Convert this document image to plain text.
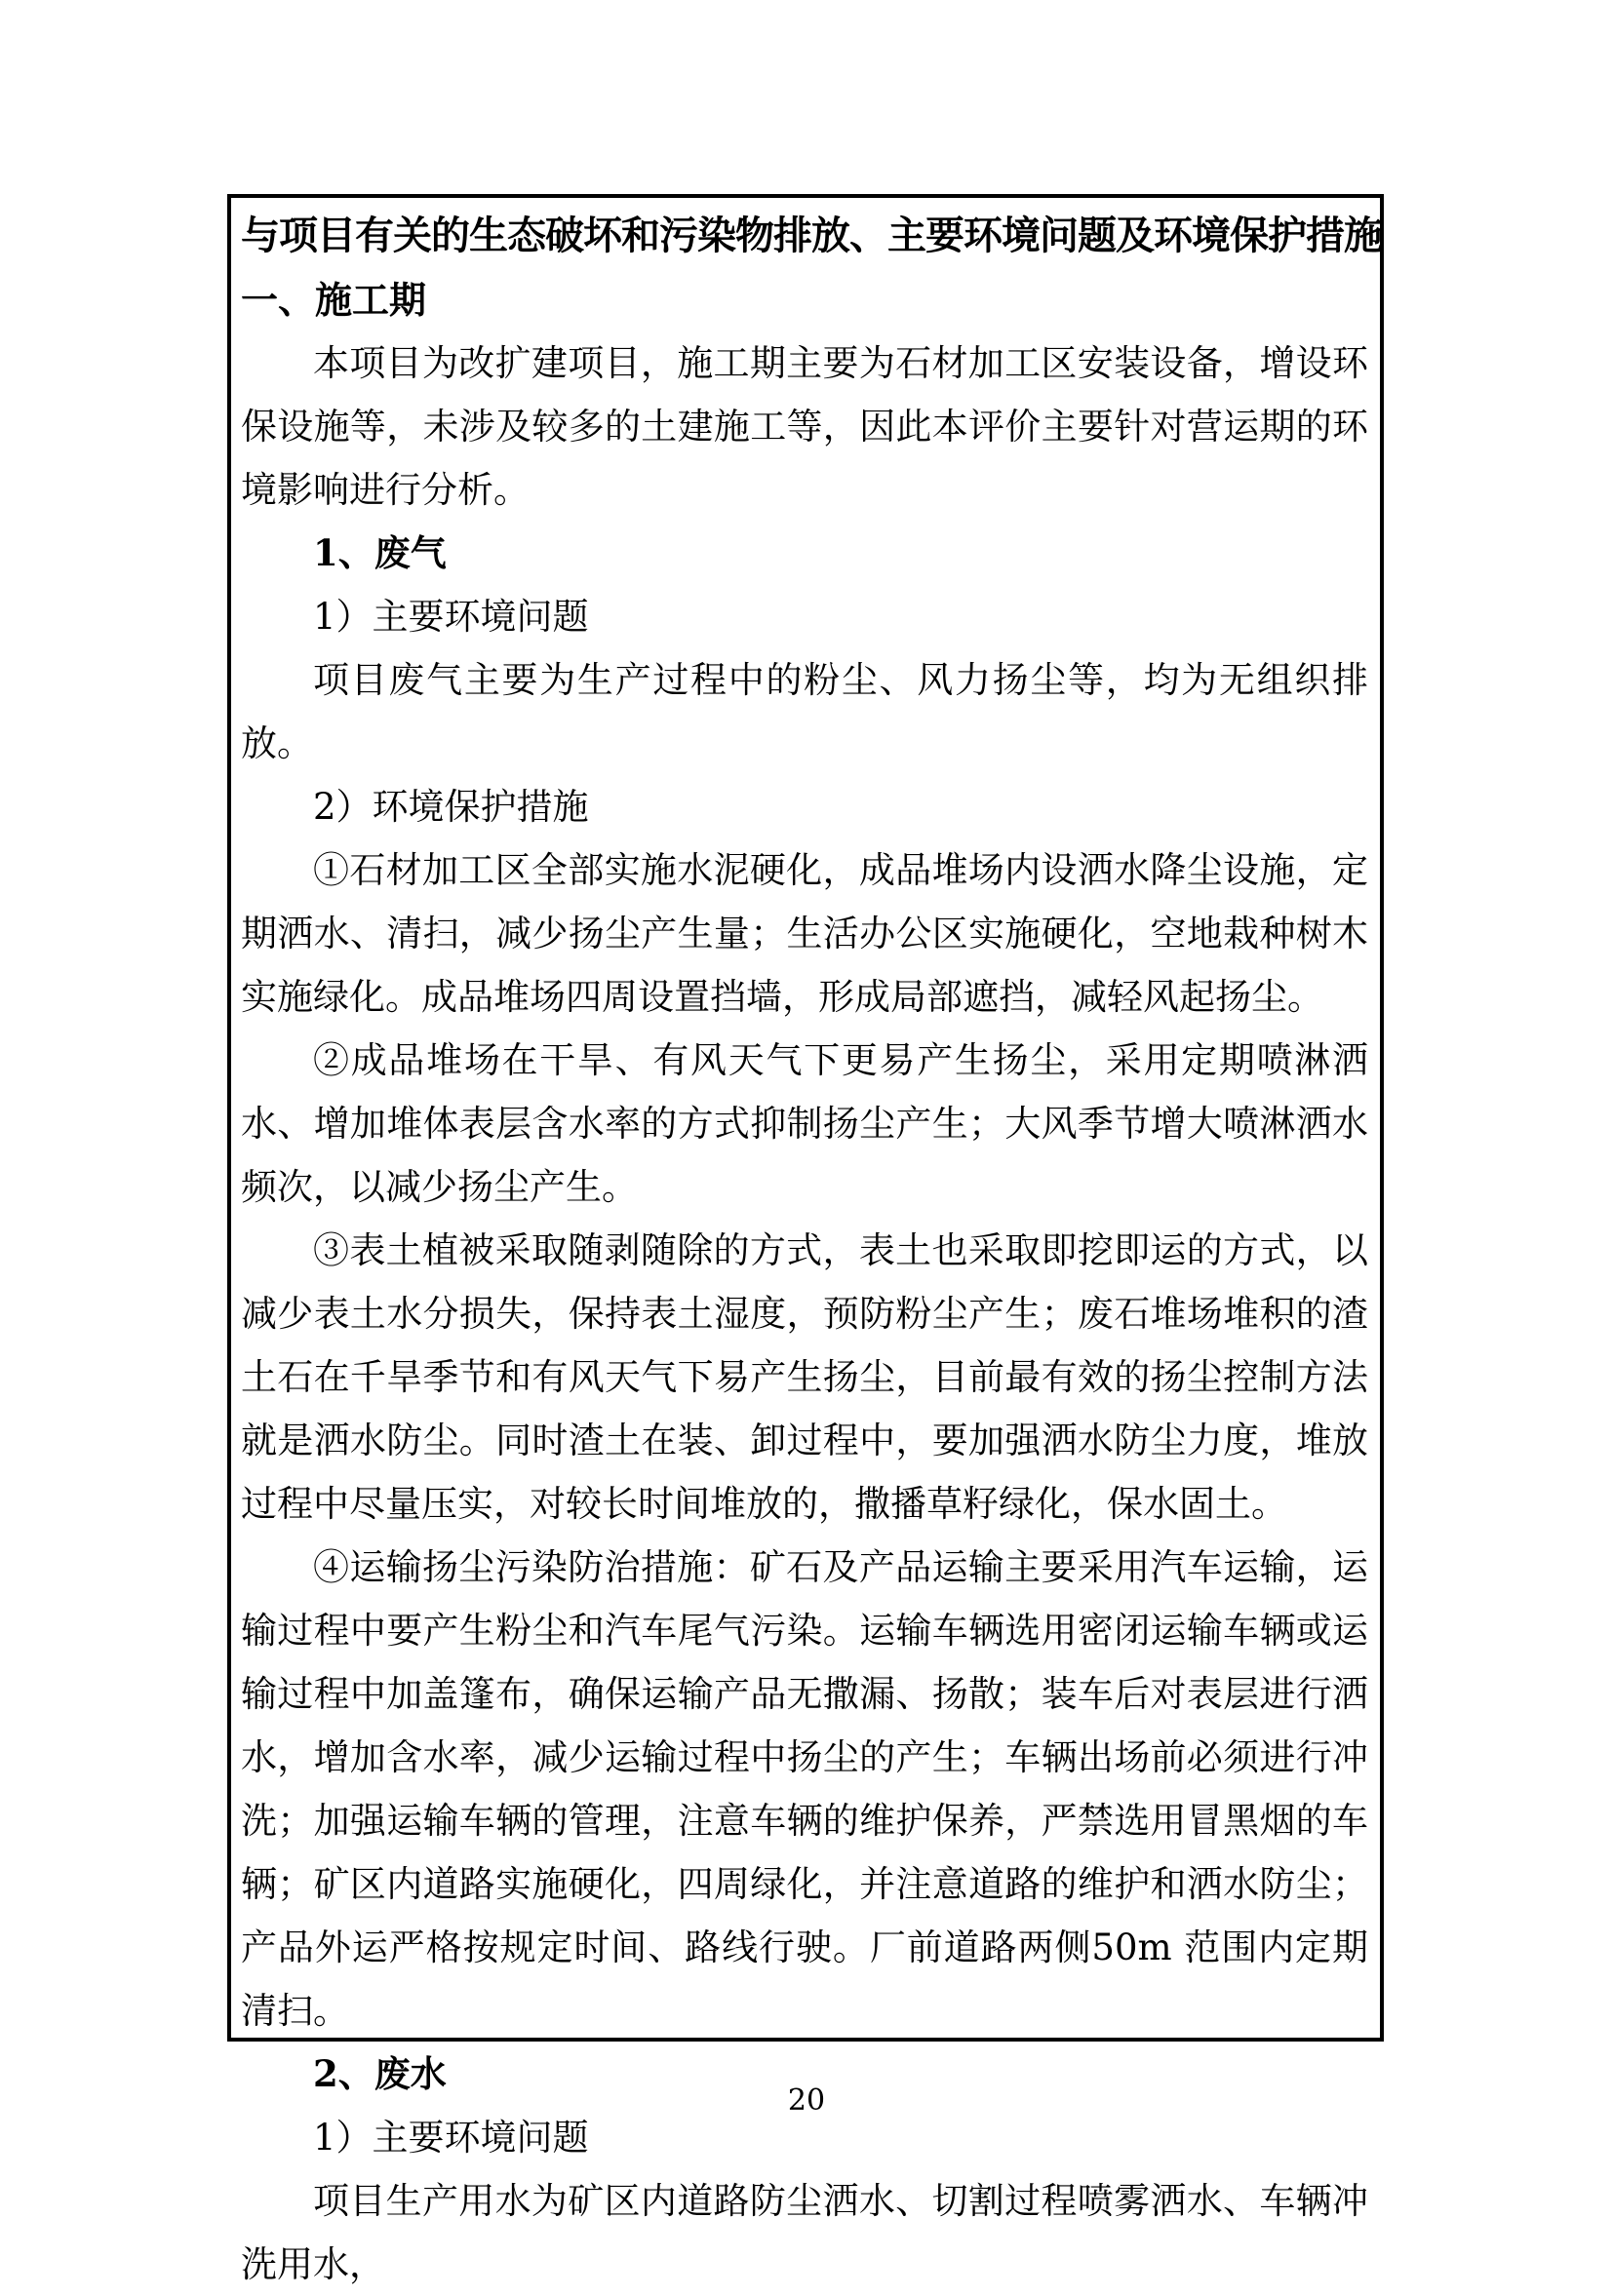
与项目有关的生态破坏和污染物排放、主要环境问题及环境保护措施
一、施工期
本项目为改扩建项目，施工期主要为石材加工区安装设备，增设环保设施等，未涉及较多的土建施工等，因此本评价主要针对营运期的环境影响进行分析。
1、废气
1）主要环境问题
项目废气主要为生产过程中的粉尘、风力扬尘等，均为无组织排放。
2）环境保护措施
①石材加工区全部实施水泥硬化，成品堆场内设洒水降尘设施，定期洒水、清扫，减少扬尘产生量；生活办公区实施硬化，空地栽种树木实施绿化。成品堆场四周设置挡墙，形成局部遮挡，减轻风起扬尘。
②成品堆场在干旱、有风天气下更易产生扬尘，采用定期喷淋洒水、增加堆体表层含水率的方式抑制扬尘产生；大风季节增大喷淋洒水频次，以减少扬尘产生。
③表土植被采取随剥随除的方式，表土也采取即挖即运的方式，以减少表土水分损失，保持表土湿度，预防粉尘产生；废石堆场堆积的渣土石在千旱季节和有风天气下易产生扬尘，目前最有效的扬尘控制方法就是洒水防尘。同时渣土在装、卸过程中，要加强洒水防尘力度，堆放过程中尽量压实，对较长时间堆放的，撒播草籽绿化，保水固土。
④运输扬尘污染防治措施：矿石及产品运输主要采用汽车运输，运输过程中要产生粉尘和汽车尾气污染。运输车辆选用密闭运输车辆或运输过程中加盖篷布，确保运输产品无撒漏、扬散；装车后对表层进行洒水，增加含水率，减少运输过程中扬尘的产生；车辆出场前必须进行冲洗；加强运输车辆的管理，注意车辆的维护保养，严禁选用冒黑烟的车辆；矿区内道路实施硬化，四周绿化，并注意道路的维护和洒水防尘；产品外运严格按规定时间、路线行驶。厂前道路两侧50m 范围内定期清扫。
2、废水
1）主要环境问题
项目生产用水为矿区内道路防尘洒水、切割过程喷雾洒水、车辆冲洗用水，
20
